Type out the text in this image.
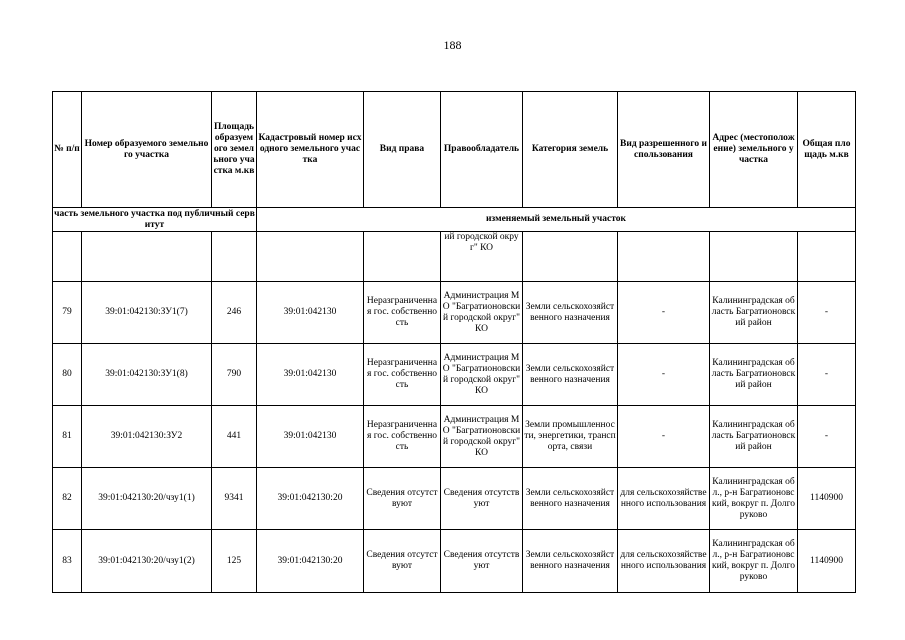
188
№ п/п	Номер образуемого земельного участка	Площадь образуемого земельного участка м.кв	Кадастровый номер исходного земельного участка	Вид права	Правообладатель	Категория земель	Вид разрешенного использования	Адрес (местоположение) земельного участка	Общая площадь м.кв
часть земельного участка под публичный сервитут			изменяемый земельный участок						
					ий городской округ" КО				
79	39:01:042130:ЗУ1(7)	246	39:01:042130	Неразграниченная гос. собственность	Администрация МО "Багратионовский городской округ" КО	Земли сельскохозяйственного назначения	-	Калининградская область Багратионовский район	-
80	39:01:042130:ЗУ1(8)	790	39:01:042130	Неразграниченная гос. собственность	Администрация МО "Багратионовский городской округ" КО	Земли сельскохозяйственного назначения	-	Калининградская область Багратионовский район	-
81	39:01:042130:ЗУ2	441	39:01:042130	Неразграниченная гос. собственность	Администрация МО "Багратионовский городской округ" КО	Земли промышленности, энергетики, транспорта, связи	-	Калининградская область Багратионовский район	-
82	39:01:042130:20/чзу1(1)	9341	39:01:042130:20	Сведения отсутствуют	Сведения отсутствуют	Земли сельскохозяйственного назначения	для сельскохозяйственного использования	Калининградская обл., р-н Багратионовский, вокруг п. Долгоруково	1140900
83	39:01:042130:20/чзу1(2)	125	39:01:042130:20	Сведения отсутствуют	Сведения отсутствуют	Земли сельскохозяйственного назначения	для сельскохозяйственного использования	Калининградская обл., р-н Багратионовский, вокруг п. Долгоруково	1140900
